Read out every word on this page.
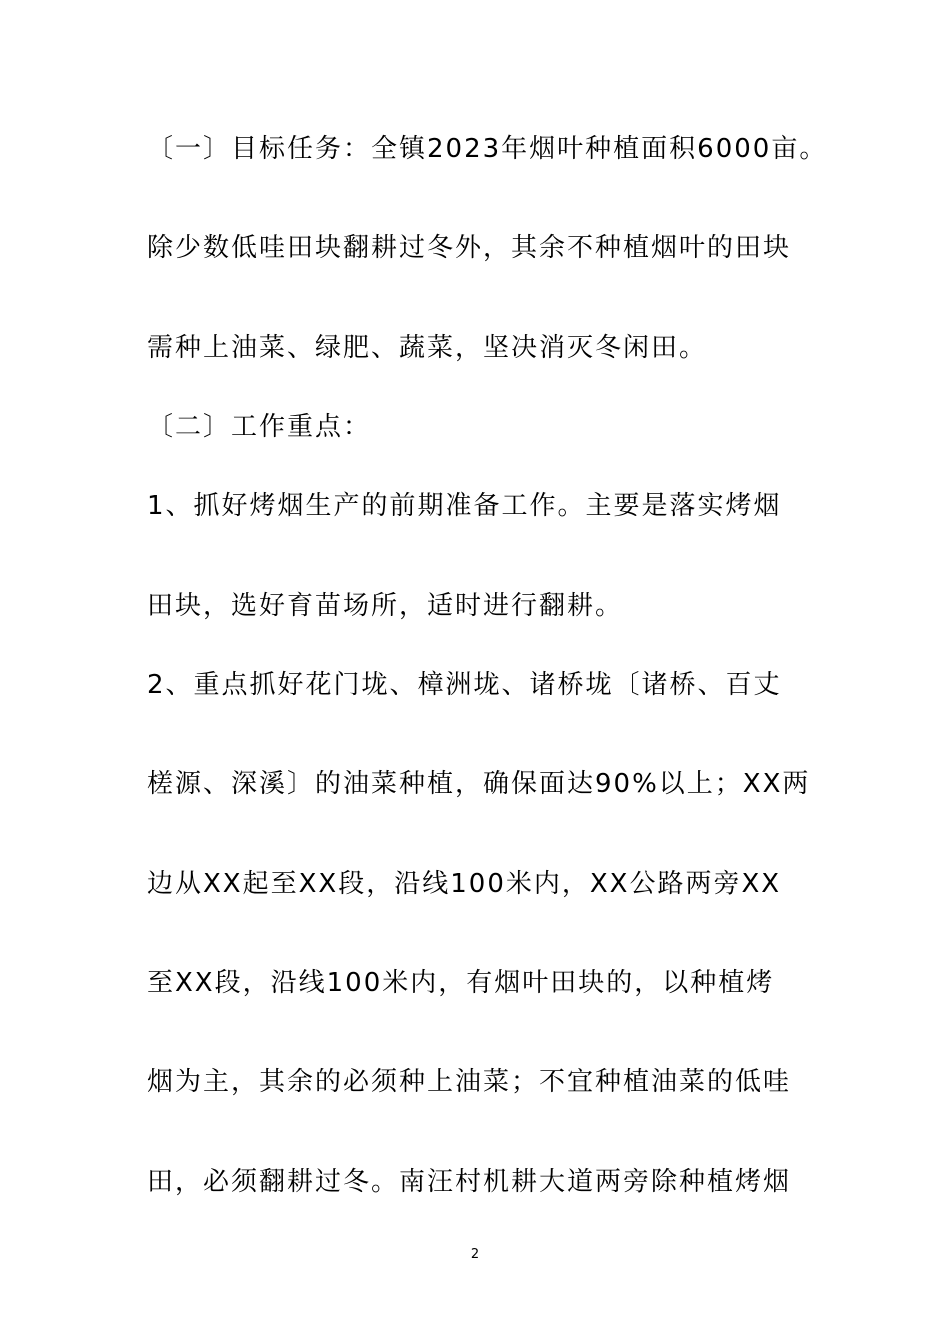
〔一〕目标任务：全镇2023年烟叶种植面积6000亩。
除少数低哇田块翻耕过冬外，其余不种植烟叶的田块
需种上油菜、绿肥、蔬菜，坚决消灭冬闲田。
〔二〕工作重点：
1、抓好烤烟生产的前期准备工作。主要是落实烤烟
田块，选好育苗场所，适时进行翻耕。
2、重点抓好花门垅、樟洲垅、诸桥垅〔诸桥、百丈
槎源、深溪〕的油菜种植，确保面达90%以上；XX两
边从XX起至XX段，沿线100米内，XX公路两旁XX
至XX段，沿线100米内，有烟叶田块的，以种植烤
烟为主，其余的必须种上油菜；不宜种植油菜的低哇
田，必须翻耕过冬。南汪村机耕大道两旁除种植烤烟
2
